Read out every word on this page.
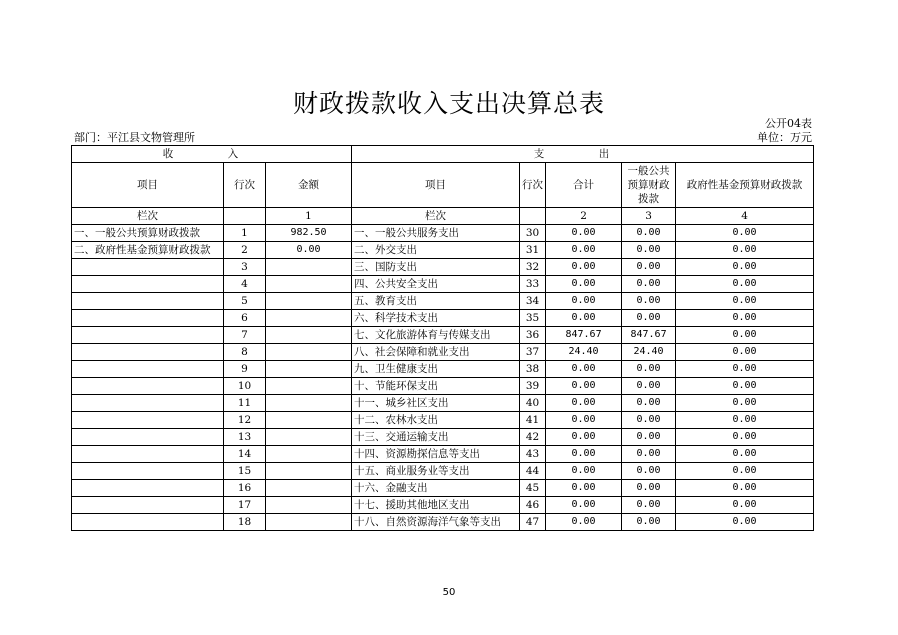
财政拨款收入支出决算总表
公开04表
部门：平江县文物管理所	单位：万元
收　入			支　出				
项目	行次	金额	项目	行次	合计	一般公共预算财政拨款	政府性基金预算财政拨款
栏次		1	栏次		2	3	4
一、一般公共预算财政拨款	1	982.50	一、一般公共服务支出	30	0.00	0.00	0.00
二、政府性基金预算财政拨款	2	0.00	二、外交支出	31	0.00	0.00	0.00
	3		三、国防支出	32	0.00	0.00	0.00
	4		四、公共安全支出	33	0.00	0.00	0.00
	5		五、教育支出	34	0.00	0.00	0.00
	6		六、科学技术支出	35	0.00	0.00	0.00
	7		七、文化旅游体育与传媒支出	36	847.67	847.67	0.00
	8		八、社会保障和就业支出	37	24.40	24.40	0.00
	9		九、卫生健康支出	38	0.00	0.00	0.00
	10		十、节能环保支出	39	0.00	0.00	0.00
	11		十一、城乡社区支出	40	0.00	0.00	0.00
	12		十二、农林水支出	41	0.00	0.00	0.00
	13		十三、交通运输支出	42	0.00	0.00	0.00
	14		十四、资源勘探信息等支出	43	0.00	0.00	0.00
	15		十五、商业服务业等支出	44	0.00	0.00	0.00
	16		十六、金融支出	45	0.00	0.00	0.00
	17		十七、援助其他地区支出	46	0.00	0.00	0.00
	18		十八、自然资源海洋气象等支出	47	0.00	0.00	0.00
50
